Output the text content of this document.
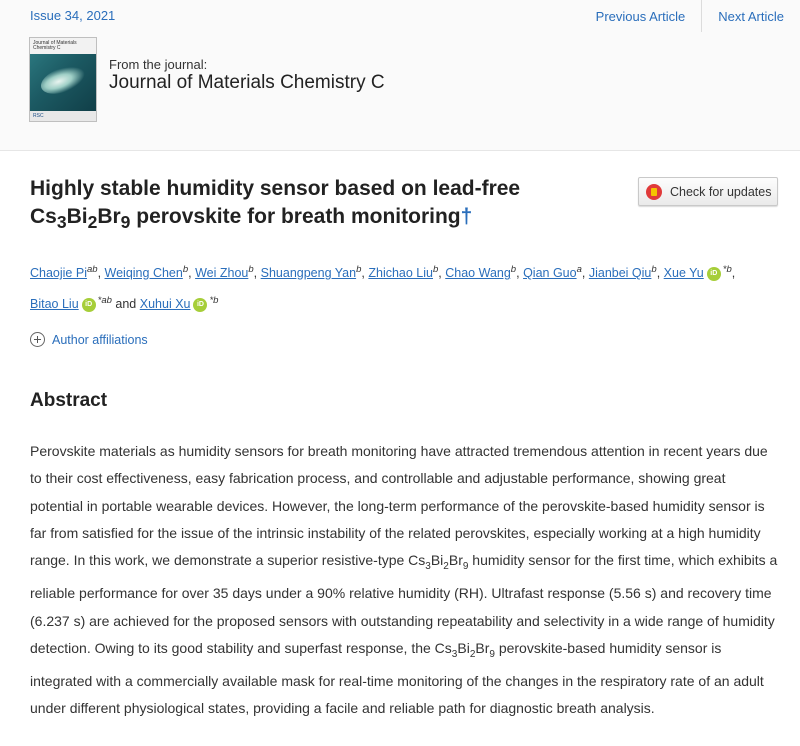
Issue 34, 2021	Previous Article	Next Article
Journal of Materials Chemistry C
RSC
From the journal:
Journal of Materials Chemistry C
Highly stable humidity sensor based on lead-free $Cs_3Bi_2Br_9$ perovskite for breath monitoring†
Check for updates
Chaojie $Pi^{ab}$, Weiqing Chen$^b$, Wei Zhou$^b$, Shuangpeng Yan$^b$, Zhichao Liu$^b$, Chao Wang$^b$, Qian Guo$^a$, Jianbei Qiu$^b$, Xue Yu iD $^{*b}$, Bitao Liu iD $^{*ab}$ and Xuhui Xu iD $^{*b}$
Author affiliations
Abstract

Perovskite materials as humidity sensors for breath monitoring have attracted tremendous attention in recent years due to their cost effectiveness, easy fabrication process, and controllable and adjustable performance, showing great potential in portable wearable devices. However, the long-term performance of the perovskite-based humidity sensor is far from satisfied for the issue of the intrinsic instability of the related perovskites, especially working at a high humidity range. In this work, we demonstrate a superior resistive-type $Cs_3Bi_2Br_9$ humidity sensor for the first time, which exhibits a reliable performance for over 35 days under a 90% relative humidity (RH). Ultrafast response (5.56 s) and recovery time (6.237 s) are achieved for the proposed sensors with outstanding repeatability and selectivity in a wide range of humidity detection. Owing to its good stability and superfast response, the $Cs_3Bi_2Br_9$ perovskite-based humidity sensor is integrated with a commercially available mask for real-time monitoring of the changes in the respiratory rate of an adult under different physiological states, providing a facile and reliable path for diagnostic breath analysis.
